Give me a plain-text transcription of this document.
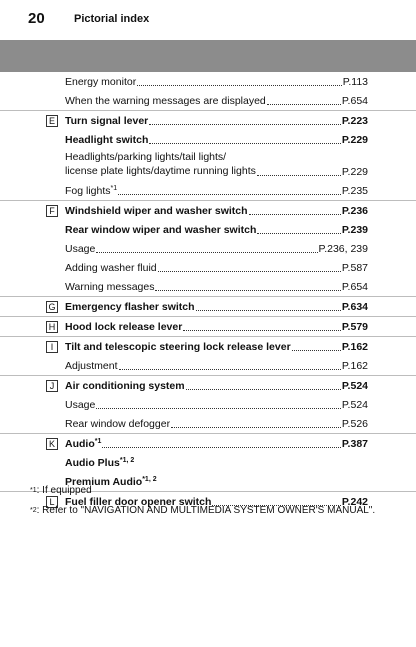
20	Pictorial index
Energy monitor	P.113
When the warning messages are displayed	P.654
E Turn signal lever	P.223
Headlight switch	P.229
Headlights/parking lights/tail lights/
license plate lights/daytime running lights	P.229
Fog lights$^{*1}$	P.235
F Windshield wiper and washer switch	P.236
Rear window wiper and washer switch	P.239
Usage	P.236, 239
Adding washer fluid	P.587
Warning messages	P.654
G Emergency flasher switch	P.634
H Hood lock release lever	P.579
I	Tilt and telescopic steering lock release lever	P.162
Adjustment	P.162
J	Air conditioning system	P.524
Usage	P.524
Rear window defogger	P.526
K Audio$^{*1}$	P.387
Audio Plus$^{*1, 2}$
Premium Audio$^{*1, 2}$
L	Fuel filler door opener switch	P.242
$^{*1}$ : If equipped
$^{*2}$ : Refer to "NAVIGATION AND MULTIMEDIA SYSTEM OWNER'S MANUAL".
